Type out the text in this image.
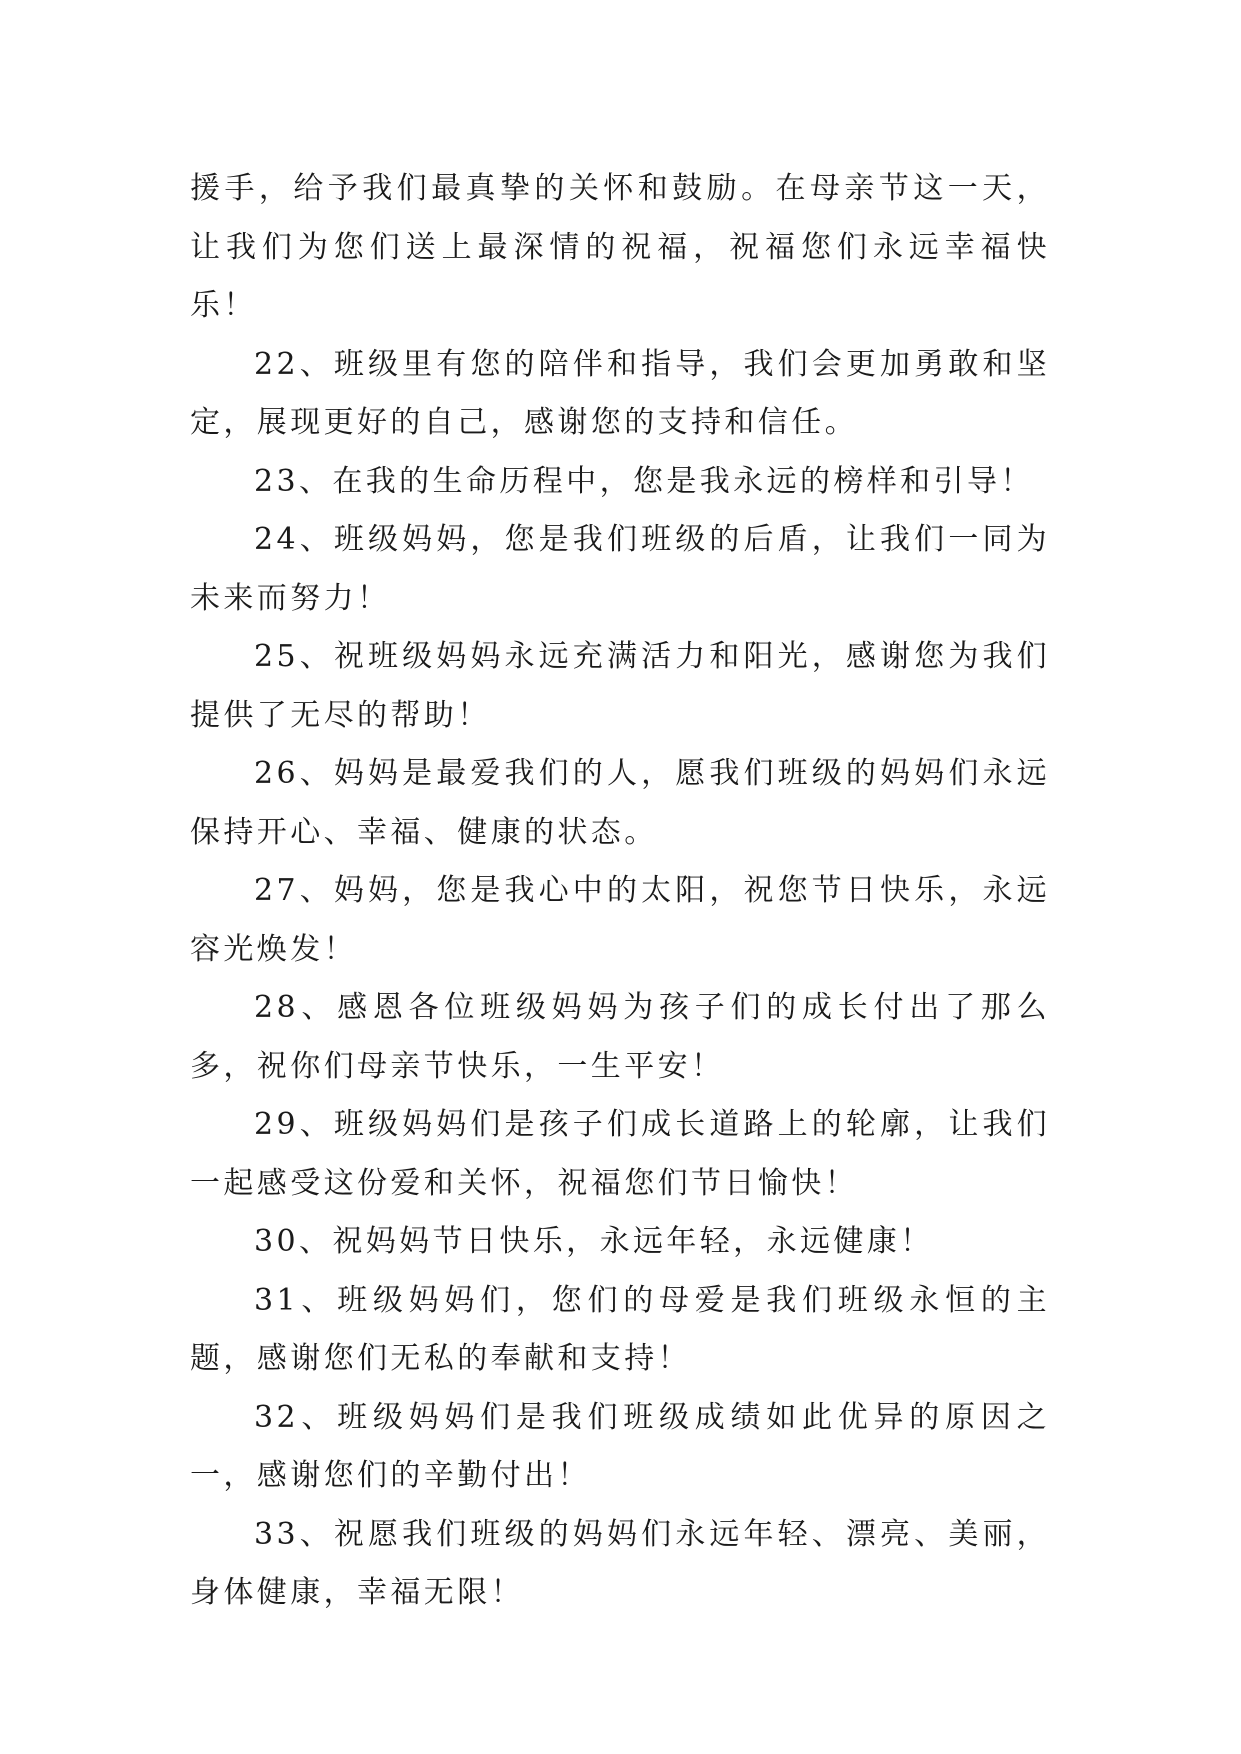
援手，给予我们最真挚的关怀和鼓励。在母亲节这一天，让我们为您们送上最深情的祝福，祝福您们永远幸福快乐！

22、班级里有您的陪伴和指导，我们会更加勇敢和坚定，展现更好的自己，感谢您的支持和信任。

23、在我的生命历程中，您是我永远的榜样和引导！

24、班级妈妈，您是我们班级的后盾，让我们一同为未来而努力！

25、祝班级妈妈永远充满活力和阳光，感谢您为我们提供了无尽的帮助！

26、妈妈是最爱我们的人，愿我们班级的妈妈们永远保持开心、幸福、健康的状态。

27、妈妈，您是我心中的太阳，祝您节日快乐，永远容光焕发！

28、感恩各位班级妈妈为孩子们的成长付出了那么多，祝你们母亲节快乐，一生平安！

29、班级妈妈们是孩子们成长道路上的轮廓，让我们一起感受这份爱和关怀，祝福您们节日愉快！

30、祝妈妈节日快乐，永远年轻，永远健康！

31、班级妈妈们，您们的母爱是我们班级永恒的主题，感谢您们无私的奉献和支持！

32、班级妈妈们是我们班级成绩如此优异的原因之一，感谢您们的辛勤付出！

33、祝愿我们班级的妈妈们永远年轻、漂亮、美丽，身体健康，幸福无限！
